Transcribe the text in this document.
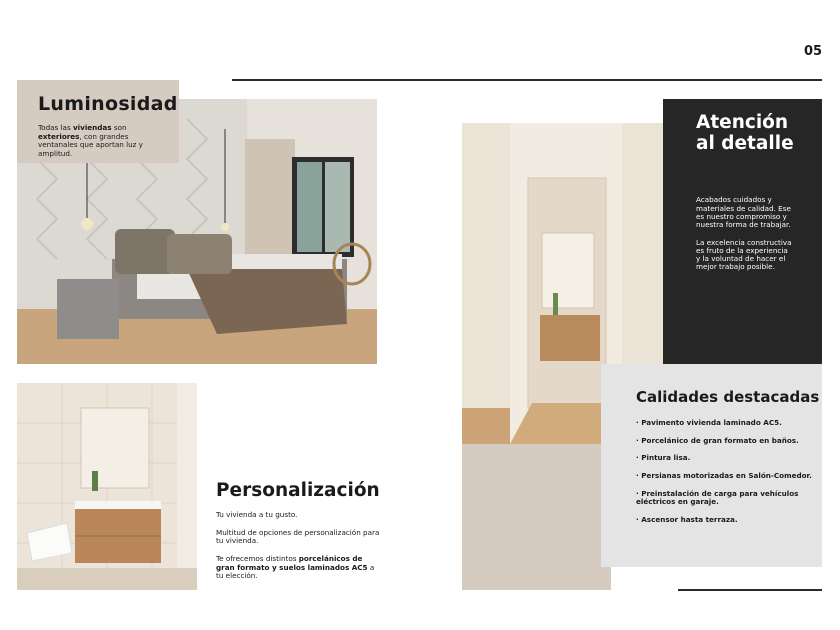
05
Luminosidad
Todas las viviendas son exteriores, con grandes ventanales que aportan luz y amplitud.
Personalización

Tu vivienda a tu gusto.

Multitud de opciones de personalización para tu vivienda.

Te ofrecemos distintos porcelánicos de gran formato y suelos laminados AC5 a tu elección.

Atención
al detalle

Acabados cuidados y materiales de calidad. Ese es nuestro compromiso y nuestra forma de trabajar.

La excelencia constructiva es fruto de la experiencia y la voluntad de hacer el mejor trabajo posible.

Calidades destacadas
· Pavimento vivienda laminado AC5.
· Porcelánico de gran formato en baños.
· Pintura lisa.
· Persianas motorizadas en Salón-Comedor.
· Preinstalación de carga para vehículos eléctricos en garaje.
· Ascensor hasta terraza.
